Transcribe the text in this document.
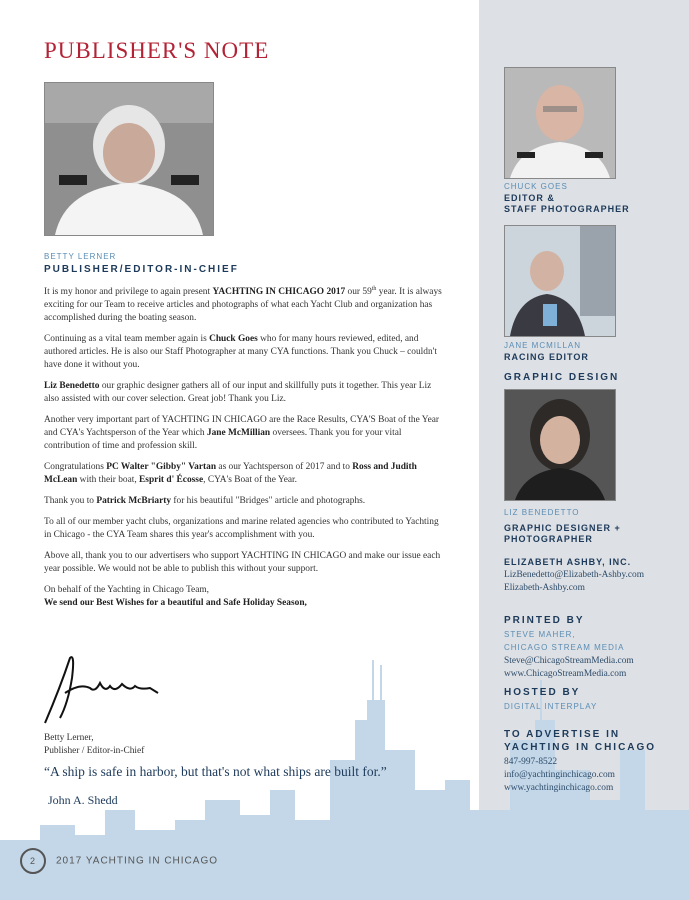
PUBLISHER'S NOTE
BETTY LERNER
PUBLISHER/EDITOR-IN-CHIEF

It is my honor and privilege to again present YACHTING IN CHICAGO 2017 our 59th year. It is always exciting for our Team to receive articles and photographs of what each Yacht Club and organization has accomplished during the boating season.

Continuing as a vital team member again is Chuck Goes who for many hours reviewed, edited, and authored articles. He is also our Staff Photographer at many CYA functions. Thank you Chuck – couldn't have done it without you.

Liz Benedetto our graphic designer gathers all of our input and skillfully puts it together. This year Liz also assisted with our cover selection. Great job! Thank you Liz.

Another very important part of YACHTING IN CHICAGO are the Race Results, CYA'S Boat of the Year and CYA's Yachtsperson of the Year which Jane McMillian oversees. Thank you for your vital contribution of time and profession skill.

Congratulations PC Walter "Gibby" Vartan as our Yachtsperson of 2017 and to Ross and Judith McLean with their boat, Esprit d' Écosse, CYA's Boat of the Year.

Thank you to Patrick McBriarty for his beautiful "Bridges" article and photographs.

To all of our member yacht clubs, organizations and marine related agencies who contributed to Yachting in Chicago - the CYA Team shares this year's accomplishment with you.

Above all, thank you to our advertisers who support YACHTING IN CHICAGO and make our issue each year possible. We would not be able to publish this without your support.

On behalf of the Yachting in Chicago Team,
We send our Best Wishes for a beautiful and Safe Holiday Season,

Betty Lerner,
Publisher / Editor-in-Chief
“A ship is safe in harbor, but that's not what ships are built for.”
John A. Shedd
CHUCK GOES
EDITOR &
STAFF PHOTOGRAPHER
JANE MCMILLAN
RACING EDITOR
GRAPHIC DESIGN
LIZ BENEDETTO
GRAPHIC DESIGNER +
PHOTOGRAPHER
ELIZABETH ASHBY, INC.
LizBenedetto@Elizabeth-Ashby.com
Elizabeth-Ashby.com
PRINTED BY
STEVE MAHER,
CHICAGO STREAM MEDIA
Steve@ChicagoStreamMedia.com
www.ChicagoStreamMedia.com
HOSTED BY
DIGITAL INTERPLAY
TO ADVERTISE IN
YACHTING IN CHICAGO
847-997-8522
info@yachtinginchicago.com
www.yachtinginchicago.com
2 2017 YACHTING IN CHICAGO
